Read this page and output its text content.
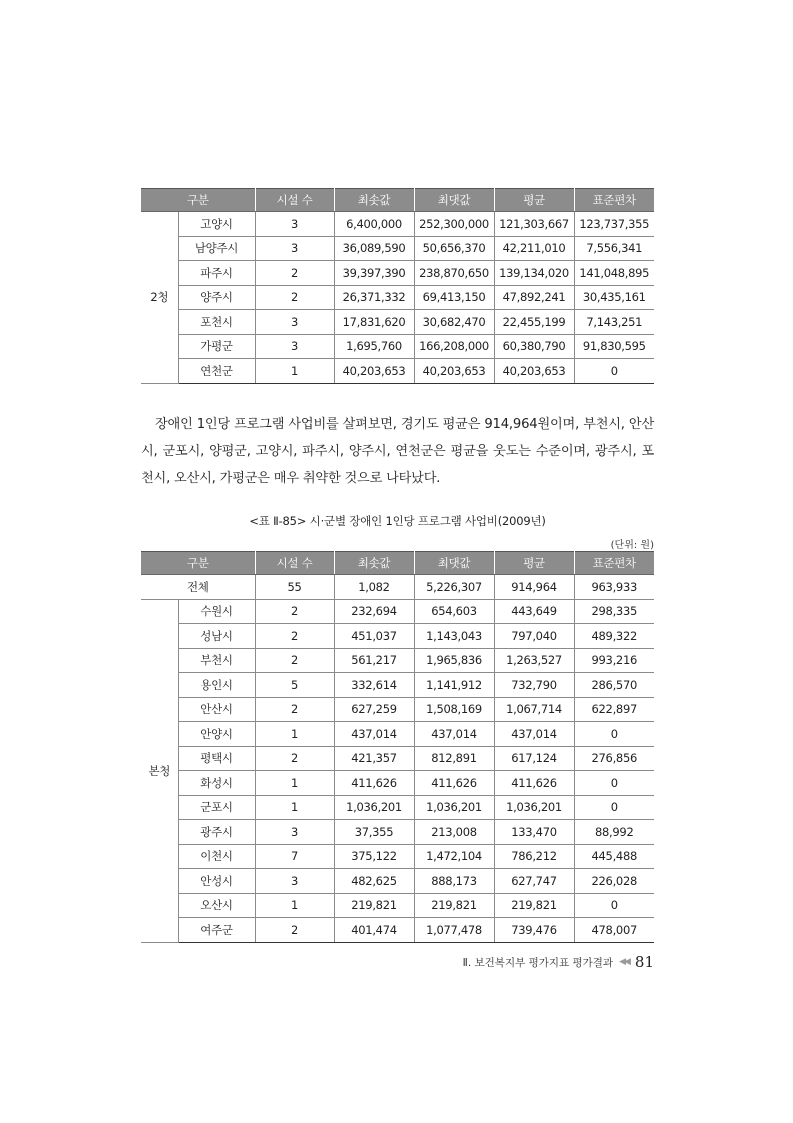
구분		시설 수	최솟값	최댓값	평균	표준편차
2청	고양시	3	6,400,000	252,300,000	121,303,667	123,737,355
	남양주시	3	36,089,590	50,656,370	42,211,010	7,556,341
	파주시	2	39,397,390	238,870,650	139,134,020	141,048,895
	양주시	2	26,371,332	69,413,150	47,892,241	30,435,161
	포천시	3	17,831,620	30,682,470	22,455,199	7,143,251
	가평군	3	1,695,760	166,208,000	60,380,790	91,830,595
	연천군	1	40,203,653	40,203,653	40,203,653	0

장애인 1인당 프로그램 사업비를 살펴보면, 경기도 평균은 914,964원이며, 부천시, 안산시, 군포시, 양평군, 고양시, 파주시, 양주시, 연천군은 평균을 웃도는 수준이며, 광주시, 포천시, 오산시, 가평군은 매우 취약한 것으로 나타났다.

<표 Ⅱ-85> 시·군별 장애인 1인당 프로그램 사업비(2009년)
(단위: 원)
구분		시설 수	최솟값	최댓값	평균	표준편차
전체		55	1,082	5,226,307	914,964	963,933
본청	수원시	2	232,694	654,603	443,649	298,335
	성남시	2	451,037	1,143,043	797,040	489,322
	부천시	2	561,217	1,965,836	1,263,527	993,216
	용인시	5	332,614	1,141,912	732,790	286,570
	안산시	2	627,259	1,508,169	1,067,714	622,897
	안양시	1	437,014	437,014	437,014	0
	평택시	2	421,357	812,891	617,124	276,856
	화성시	1	411,626	411,626	411,626	0
	군포시	1	1,036,201	1,036,201	1,036,201	0
	광주시	3	37,355	213,008	133,470	88,992
	이천시	7	375,122	1,472,104	786,212	445,488
	안성시	3	482,625	888,173	627,747	226,028
	오산시	1	219,821	219,821	219,821	0
	여주군	2	401,474	1,077,478	739,476	478,007
Ⅱ. 보건복지부 평가지표 평가결과 ◀◀ 81
